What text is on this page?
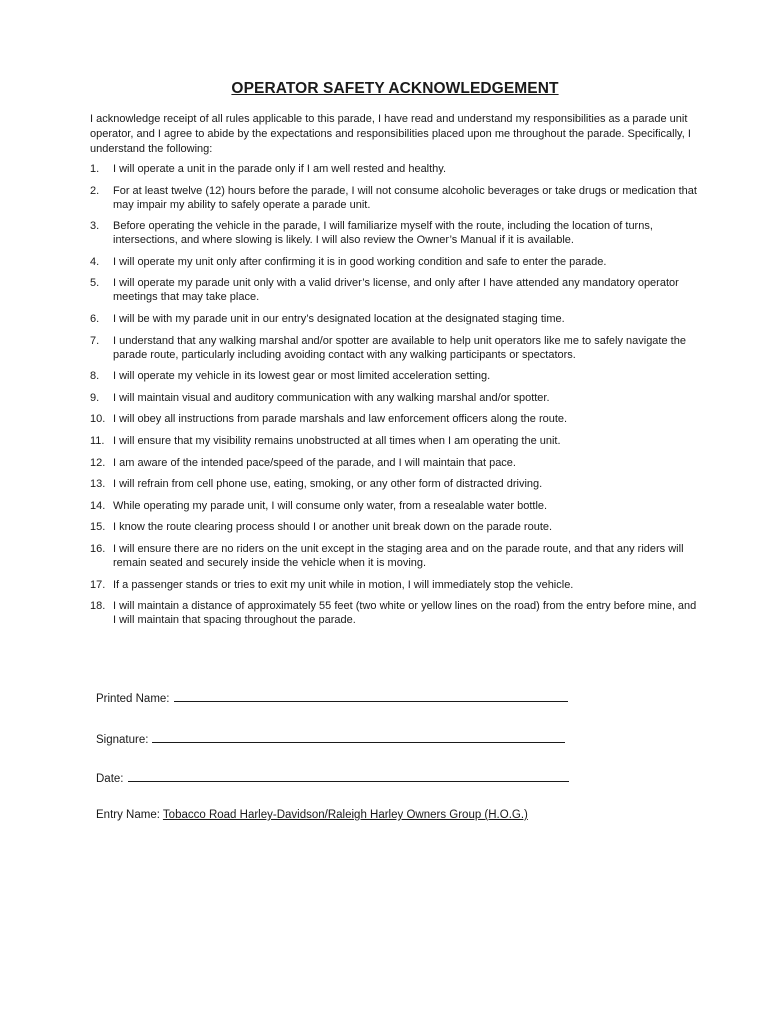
OPERATOR SAFETY ACKNOWLEDGEMENT

I acknowledge receipt of all rules applicable to this parade, I have read and understand my responsibilities as a parade unit operator, and I agree to abide by the expectations and responsibilities placed upon me throughout the parade. Specifically, I understand the following:

1.	I will operate a unit in the parade only if I am well rested and healthy.
2.	For at least twelve (12) hours before the parade, I will not consume alcoholic beverages or take drugs or medication that may impair my ability to safely operate a parade unit.
3.	Before operating the vehicle in the parade, I will familiarize myself with the route, including the location of turns, intersections, and where slowing is likely. I will also review the Owner’s Manual if it is available.
4.	I will operate my unit only after confirming it is in good working condition and safe to enter the parade.
5.	I will operate my parade unit only with a valid driver’s license, and only after I have attended any mandatory operator meetings that may take place.
6.	I will be with my parade unit in our entry’s designated location at the designated staging time.
7.	I understand that any walking marshal and/or spotter are available to help unit operators like me to safely navigate the parade route, particularly including avoiding contact with any walking participants or spectators.
8.	I will operate my vehicle in its lowest gear or most limited acceleration setting.
9.	I will maintain visual and auditory communication with any walking marshal and/or spotter.
10. I will obey all instructions from parade marshals and law enforcement officers along the route.
11. I will ensure that my visibility remains unobstructed at all times when I am operating the unit.
12. I am aware of the intended pace/speed of the parade, and I will maintain that pace.
13. I will refrain from cell phone use, eating, smoking, or any other form of distracted driving.
14. While operating my parade unit, I will consume only water, from a resealable water bottle.
15. I know the route clearing process should I or another unit break down on the parade route.
16. I will ensure there are no riders on the unit except in the staging area and on the parade route, and that any riders will remain seated and securely inside the vehicle when it is moving.
17. If a passenger stands or tries to exit my unit while in motion, I will immediately stop the vehicle.
18. I will maintain a distance of approximately 55 feet (two white or yellow lines on the road) from the entry before mine, and I will maintain that spacing throughout the parade.
Printed Name:
Signature:
Date:
Entry Name: Tobacco Road Harley-Davidson/Raleigh Harley Owners Group (H.O.G.)
